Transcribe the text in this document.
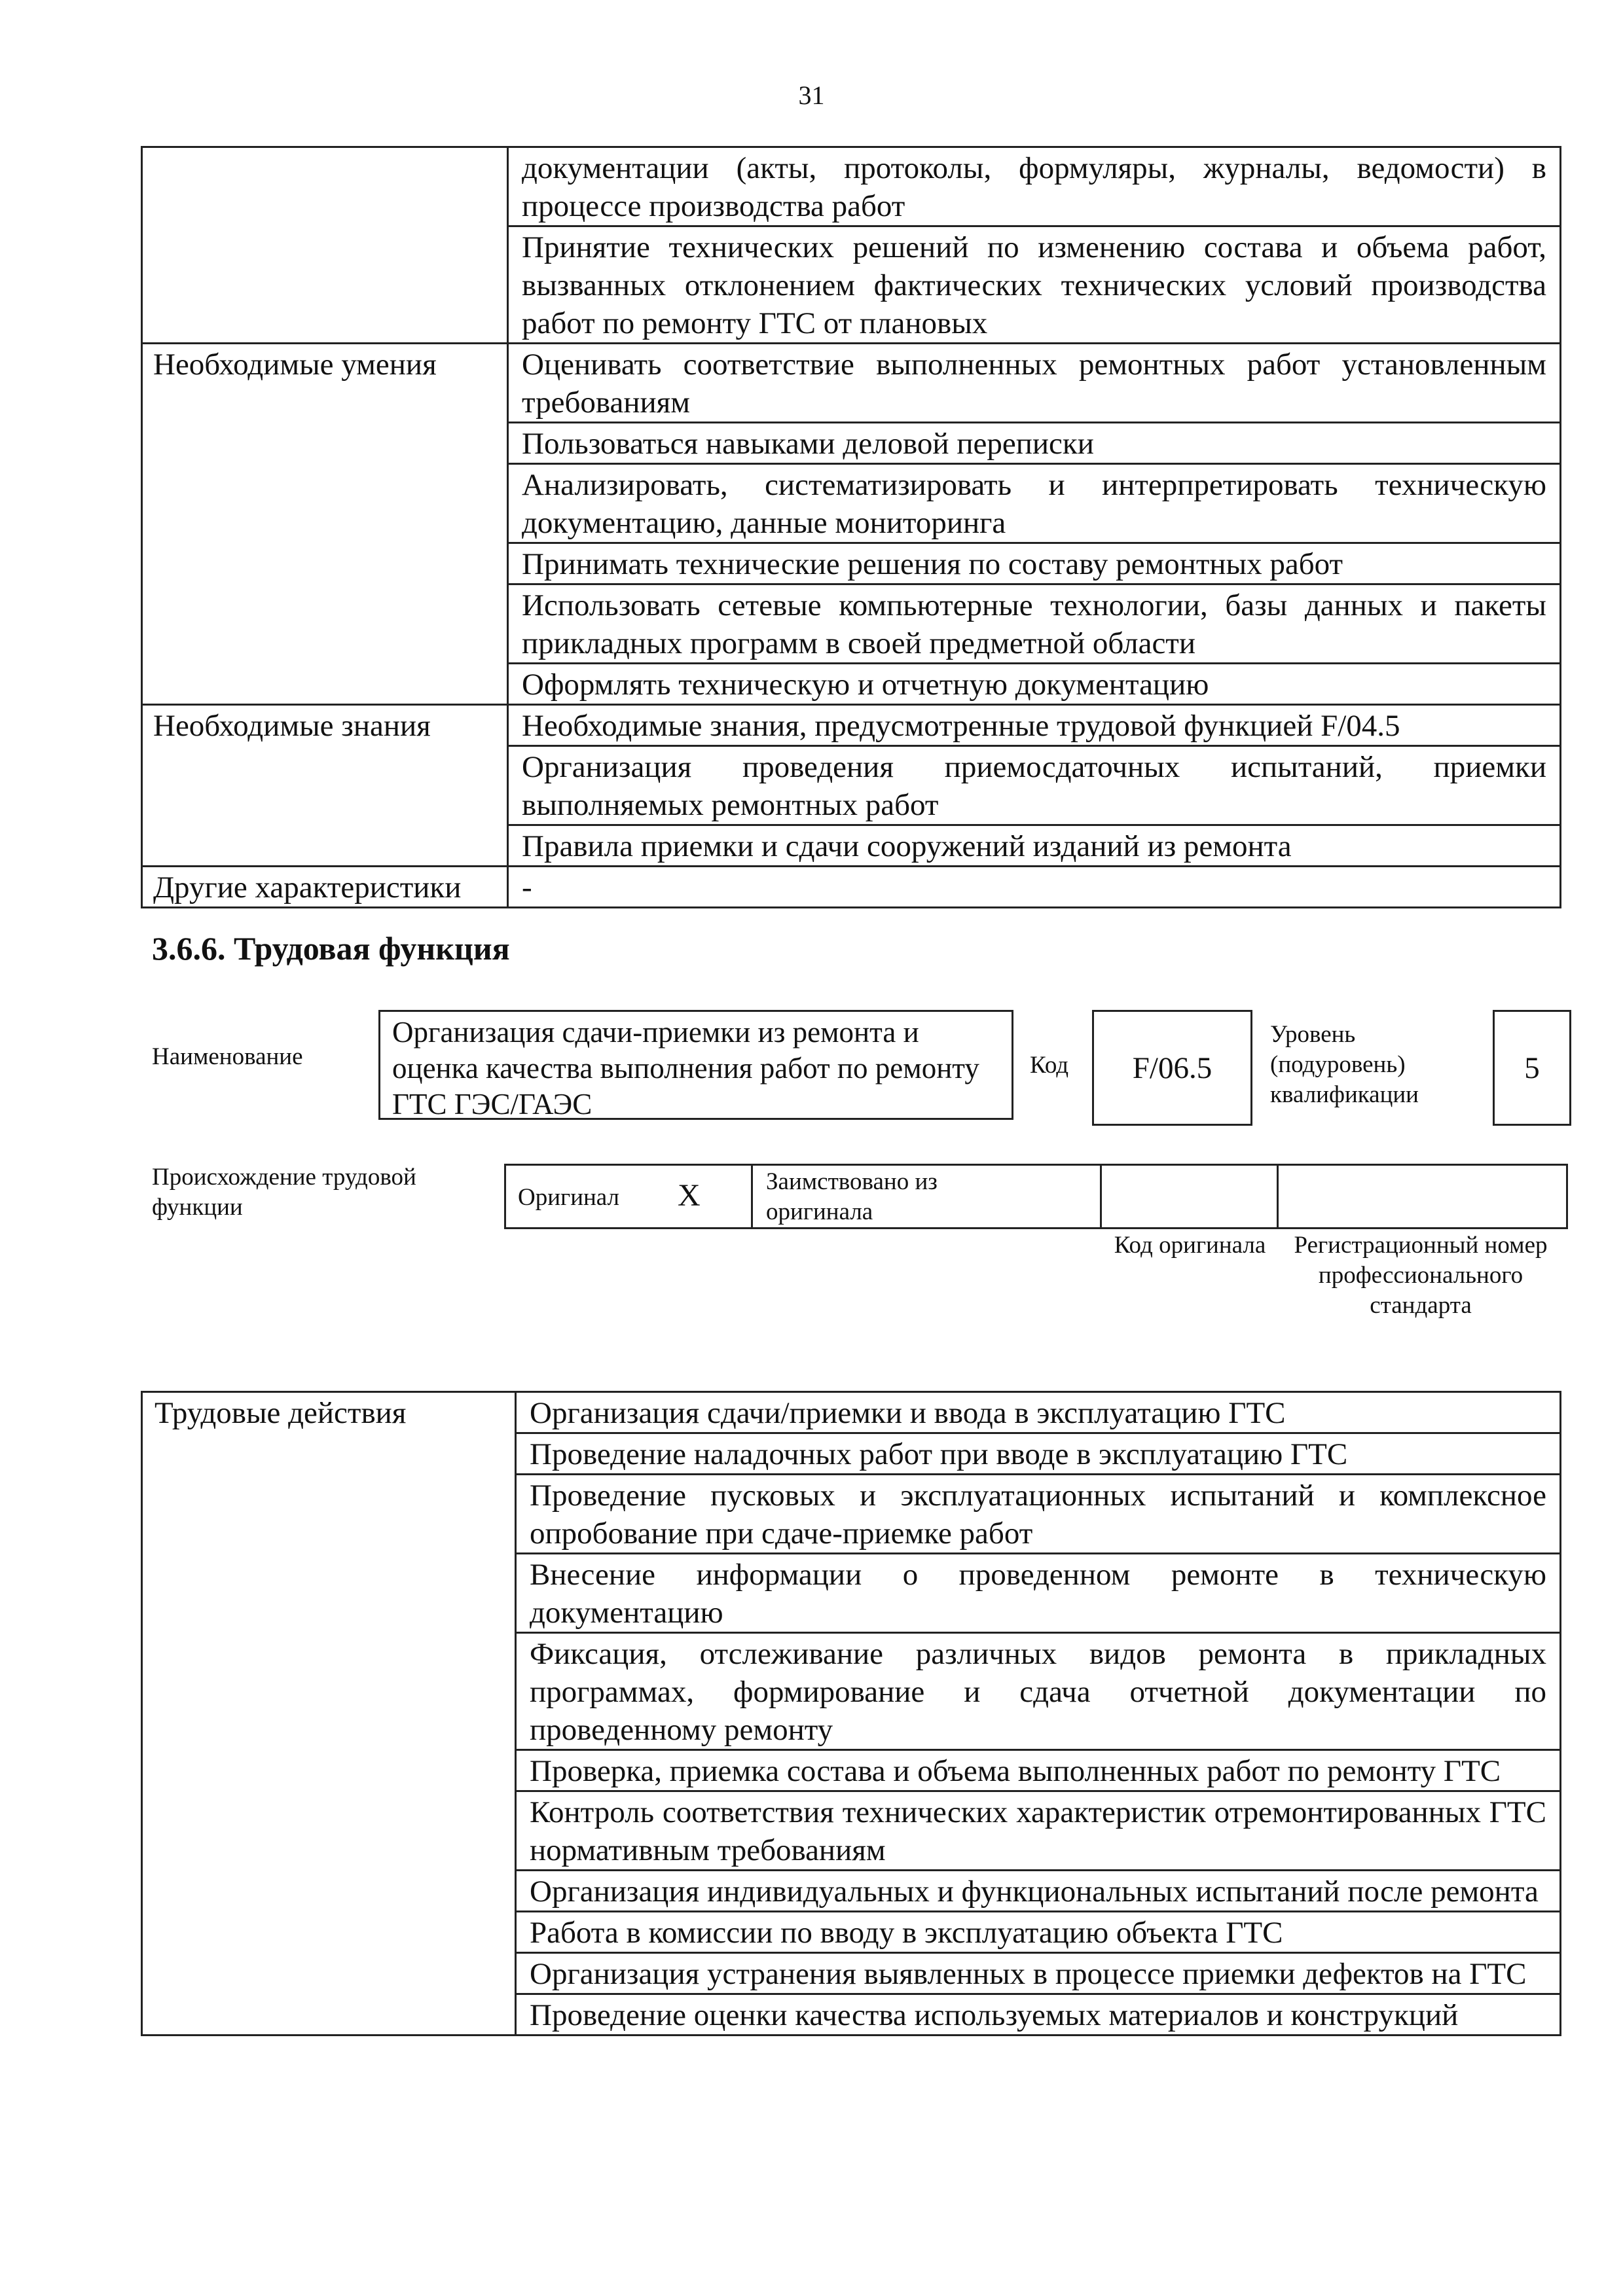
31
	документации (акты, протоколы, формуляры, журналы, ведомости) в процессе производства работ
	Принятие технических решений по изменению состава и объема работ, вызванных отклонением фактических технических условий производства работ по ремонту ГТС от плановых
Необходимые умения	Оценивать соответствие выполненных ремонтных работ установленным требованиям
	Пользоваться навыками деловой переписки
	Анализировать, систематизировать и интерпретировать техническую документацию, данные мониторинга
	Принимать технические решения по составу ремонтных работ
	Использовать сетевые компьютерные технологии, базы данных и пакеты прикладных программ в своей предметной области
	Оформлять техническую и отчетную документацию
Необходимые знания	Необходимые знания, предусмотренные трудовой функцией F/04.5
	Организация проведения приемосдаточных испытаний, приемки выполняемых ремонтных работ
	Правила приемки и сдачи сооружений изданий из ремонта
Другие характеристики	-
3.6.6. Трудовая функция
Наименование
Организация сдачи-приемки из ремонта и оценка качества выполнения работ по ремонту ГТС ГЭС/ГАЭС
Код F/06.5
Уровень (подуровень) квалификации
5
Происхождение трудовой функции	Оригинал X	Заимствовано из оригинала
Код оригинала	Регистрационный номер профессионального стандарта
Трудовые действия	Организация сдачи/приемки и ввода в эксплуатацию ГТС
Проведение наладочных работ при вводе в эксплуатацию ГТС
Проведение пусковых и эксплуатационных испытаний и комплексное опробование при сдаче-приемке работ
Внесение информации о проведенном ремонте в техническую документацию
Фиксация, отслеживание различных видов ремонта в прикладных программах, формирование и сдача отчетной документации по проведенному ремонту
Проверка, приемка состава и объема выполненных работ по ремонту ГТС
Контроль соответствия технических характеристик отремонтированных ГТС нормативным требованиям
Организация индивидуальных и функциональных испытаний после ремонта
Работа в комиссии по вводу в эксплуатацию объекта ГТС
Организация устранения выявленных в процессе приемки дефектов на ГТС
Проведение оценки качества используемых материалов и конструкций
